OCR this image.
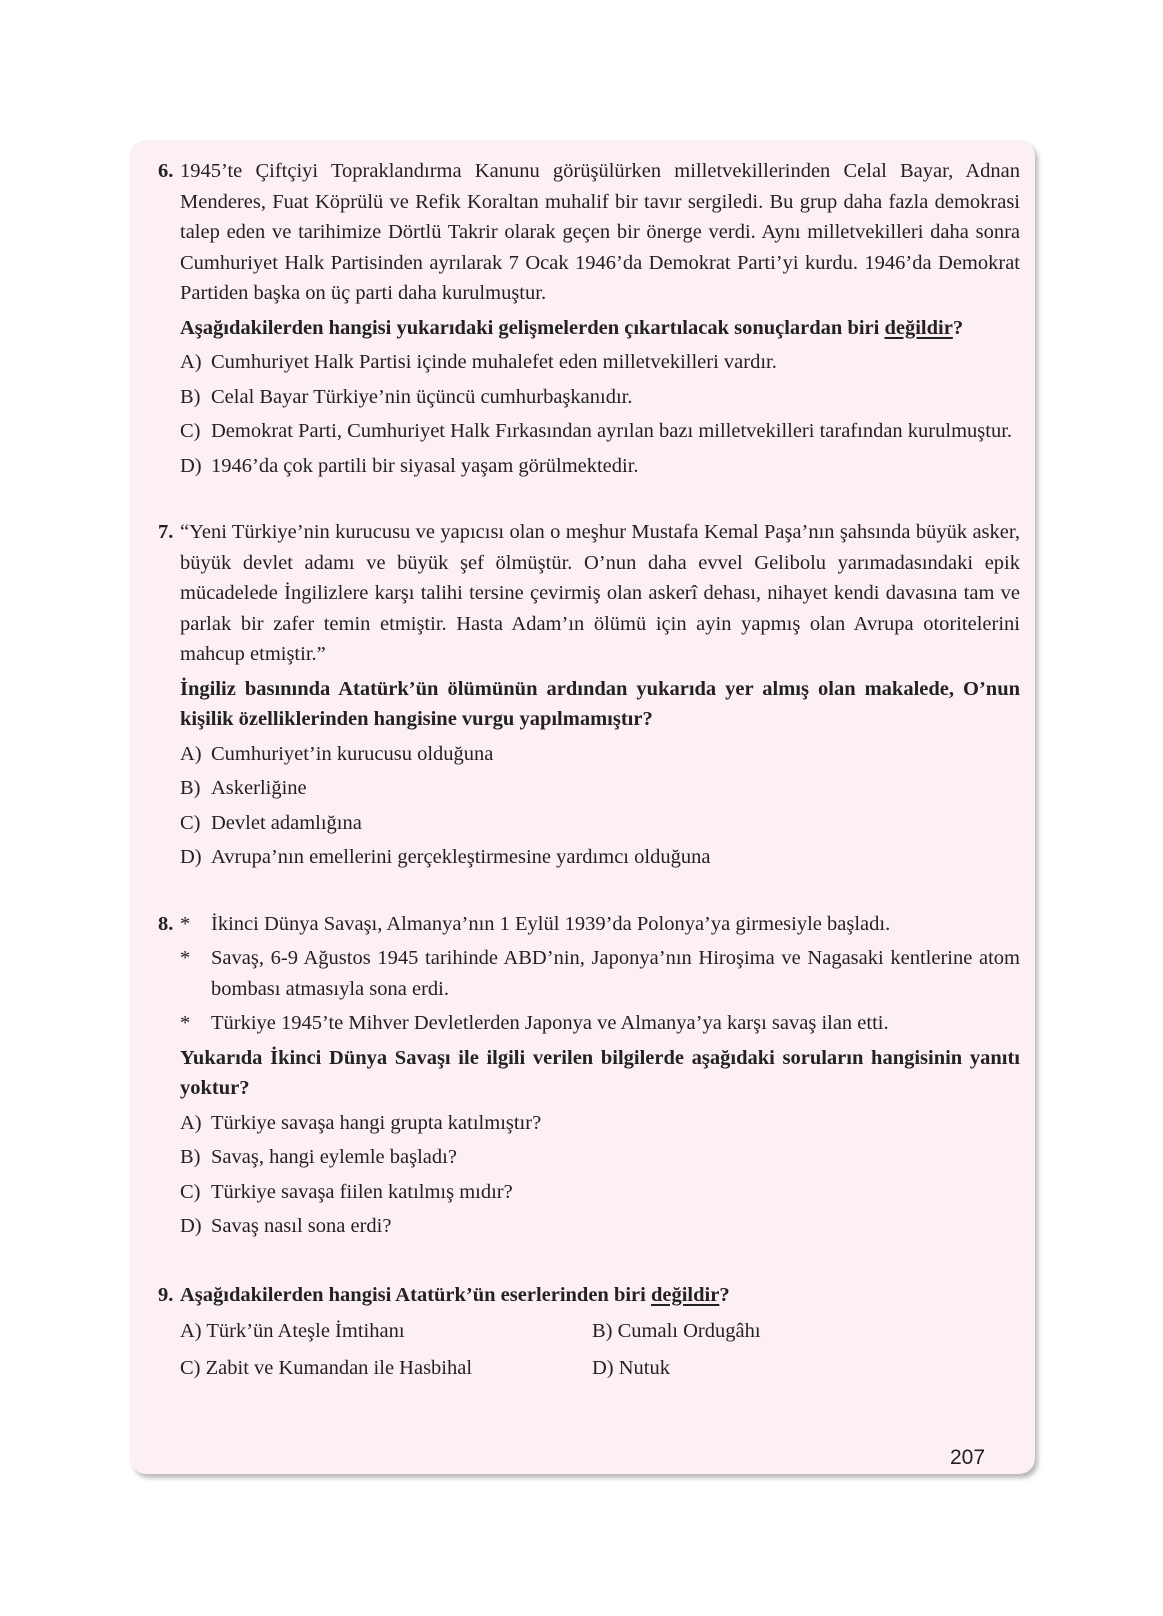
6. 1945’te Çiftçiyi Topraklandırma Kanunu görüşülürken milletvekillerinden Celal Bayar, Adnan Menderes, Fuat Köprülü ve Refik Koraltan muhalif bir tavır sergiledi. Bu grup daha fazla demokrasi talep eden ve tarihimize Dörtlü Takrir olarak geçen bir önerge verdi. Aynı milletvekilleri daha sonra Cumhuriyet Halk Partisinden ayrılarak 7 Ocak 1946’da Demokrat Parti’yi kurdu. 1946’da Demokrat Partiden başka on üç parti daha kurulmuştur.
Aşağıdakilerden hangisi yukarıdaki gelişmelerden çıkartılacak sonuçlardan biri değildir?
A) Cumhuriyet Halk Partisi içinde muhalefet eden milletvekilleri vardır.
B) Celal Bayar Türkiye’nin üçüncü cumhurbaşkanıdır.
C) Demokrat Parti, Cumhuriyet Halk Fırkasından ayrılan bazı milletvekilleri tarafından kurulmuştur.
D) 1946’da çok partili bir siyasal yaşam görülmektedir.
7. “Yeni Türkiye’nin kurucusu ve yapıcısı olan o meşhur Mustafa Kemal Paşa’nın şahsında büyük asker, büyük devlet adamı ve büyük şef ölmüştür. O’nun daha evvel Gelibolu yarımadasındaki epik mücadelede İngilizlere karşı talihi tersine çevirmiş olan askerî dehası, nihayet kendi davasına tam ve parlak bir zafer temin etmiştir. Hasta Adam’ın ölümü için ayin yapmış olan Avrupa otoritelerini mahcup etmiştir.”
İngiliz basınında Atatürk’ün ölümünün ardından yukarıda yer almış olan makalede, O’nun kişilik özelliklerinden hangisine vurgu yapılmamıştır?
A) Cumhuriyet’in kurucusu olduğuna
B) Askerliğine
C) Devlet adamlığına
D) Avrupa’nın emellerini gerçekleştirmesine yardımcı olduğuna
8. * İkinci Dünya Savaşı, Almanya’nın 1 Eylül 1939’da Polonya’ya girmesiyle başladı.
* Savaş, 6-9 Ağustos 1945 tarihinde ABD’nin, Japonya’nın Hiroşima ve Nagasaki kentlerine atom bombası atmasıyla sona erdi.
* Türkiye 1945’te Mihver Devletlerden Japonya ve Almanya’ya karşı savaş ilan etti.
Yukarıda İkinci Dünya Savaşı ile ilgili verilen bilgilerde aşağıdaki soruların hangisinin yanıtı yoktur?
A) Türkiye savaşa hangi grupta katılmıştır?
B) Savaş, hangi eylemle başladı?
C) Türkiye savaşa fiilen katılmış mıdır?
D) Savaş nasıl sona erdi?
9. Aşağıdakilerden hangisi Atatürk’ün eserlerinden biri değildir?
A) Türk’ün Ateşle İmtihanı	B) Cumalı Ordugâhı
C) Zabit ve Kumandan ile Hasbihal	D) Nutuk
207
